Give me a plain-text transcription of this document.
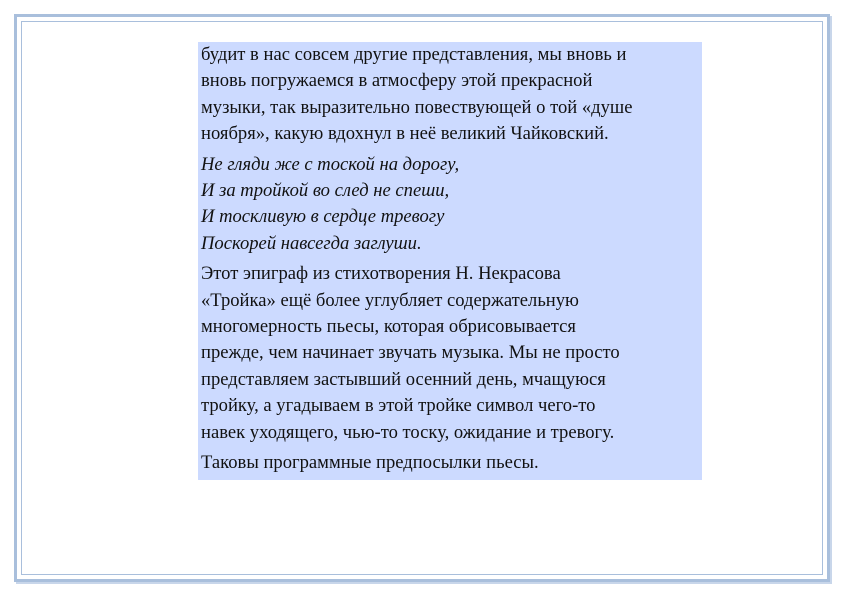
будит в нас совсем другие представления, мы вновь и
вновь погружаемся в атмосферу этой прекрасной
музыки, так выразительно повествующей о той «душе
ноября», какую вдохнул в неё великий Чайковский.

Не гляди же с тоской на дорогу,
И за тройкой во след не спеши,
И тоскливую в сердце тревогу
Поскорей навсегда заглуши.

Этот эпиграф из стихотворения Н. Некрасова
«Тройка» ещё более углубляет содержательную
многомерность пьесы, которая обрисовывается
прежде, чем начинает звучать музыка. Мы не просто
представляем застывший осенний день, мчащуюся
тройку, а угадываем в этой тройке символ чего-то
навек уходящего, чью-то тоску, ожидание и тревогу.

Таковы программные предпосылки пьесы.
